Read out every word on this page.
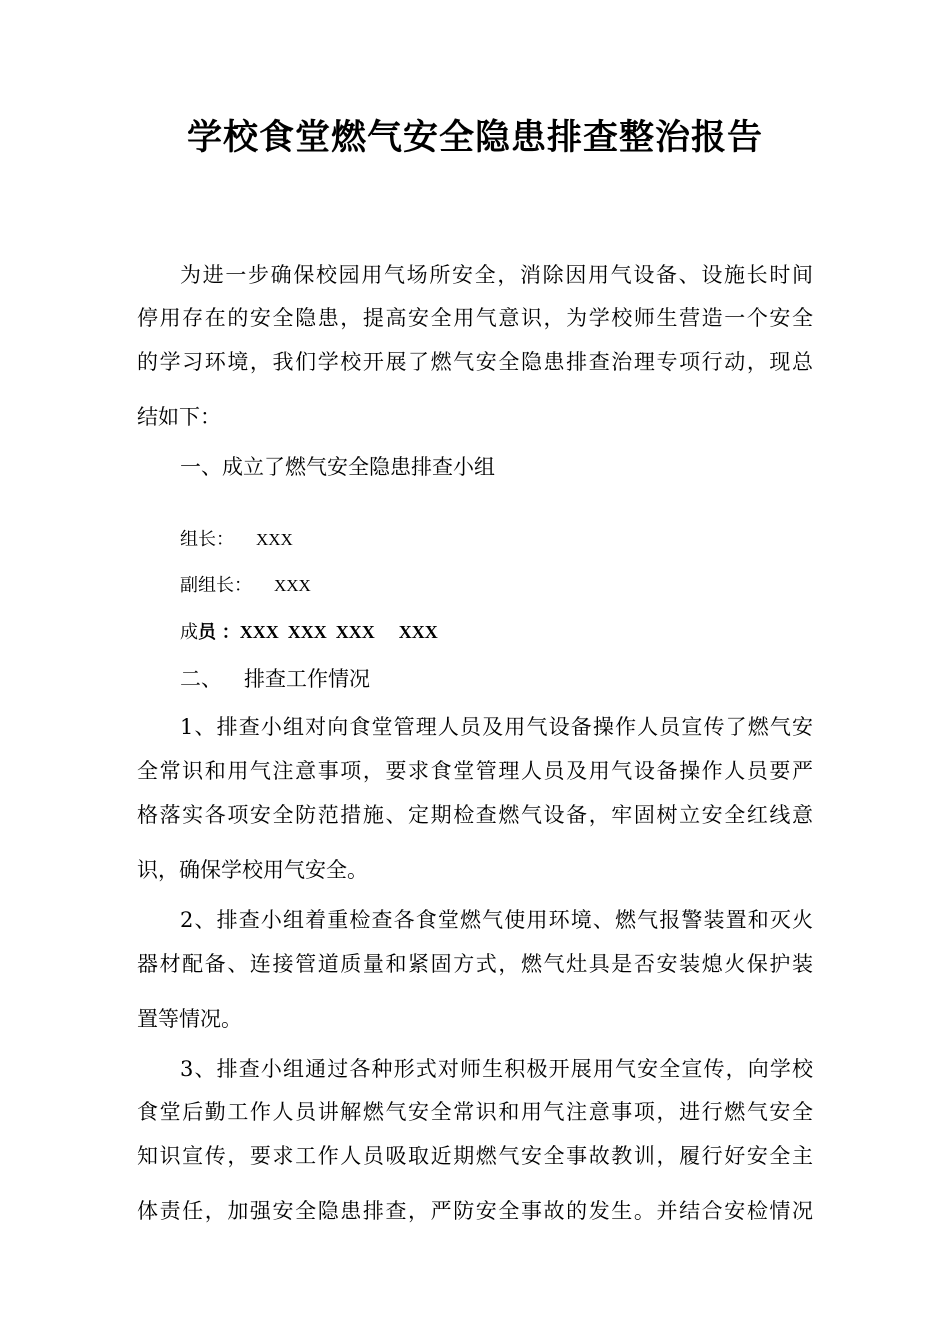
学校食堂燃气安全隐患排查整治报告
为进一步确保校园用气场所安全，消除因用气设备、设施长时间
停用存在的安全隐患，提高安全用气意识，为学校师生营造一个安全
的学习环境，我们学校开展了燃气安全隐患排查治理专项行动，现总
结如下：
一、成立了燃气安全隐患排查小组
组长： XXX
副组长： XXX
成员 ：XXX  XXX  XXX XXX
二、 排查工作情况
1、排查小组对向食堂管理人员及用气设备操作人员宣传了燃气安
全常识和用气注意事项，要求食堂管理人员及用气设备操作人员要严
格落实各项安全防范措施、定期检查燃气设备，牢固树立安全红线意
识，确保学校用气安全。
2、排查小组着重检查各食堂燃气使用环境、燃气报警装置和灭火
器材配备、连接管道质量和紧固方式，燃气灶具是否安装熄火保护装
置等情况。
3、排查小组通过各种形式对师生积极开展用气安全宣传，向学校
食堂后勤工作人员讲解燃气安全常识和用气注意事项，进行燃气安全
知识宣传，要求工作人员吸取近期燃气安全事故教训，履行好安全主
体责任，加强安全隐患排查，严防安全事故的发生。并结合安检情况
